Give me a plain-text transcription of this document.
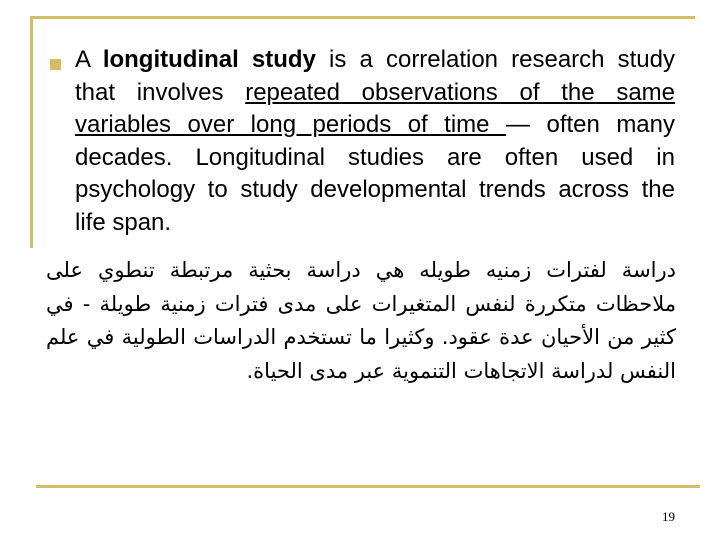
A longitudinal study is a correlation research study that involves repeated observations of the same variables over long periods of time — often many decades. Longitudinal studies are often used in psychology to study developmental trends across the life span.
دراسة لفترات زمنيه طويله هي دراسة بحثية مرتبطة تنطوي على ملاحظات متكررة لنفس المتغيرات على مدى فترات زمنية طويلة - في كثير من الأحيان عدة عقود. وكثيرا ما تستخدم الدراسات الطولية في علم النفس لدراسة الاتجاهات التنموية عبر مدى الحياة.
19
